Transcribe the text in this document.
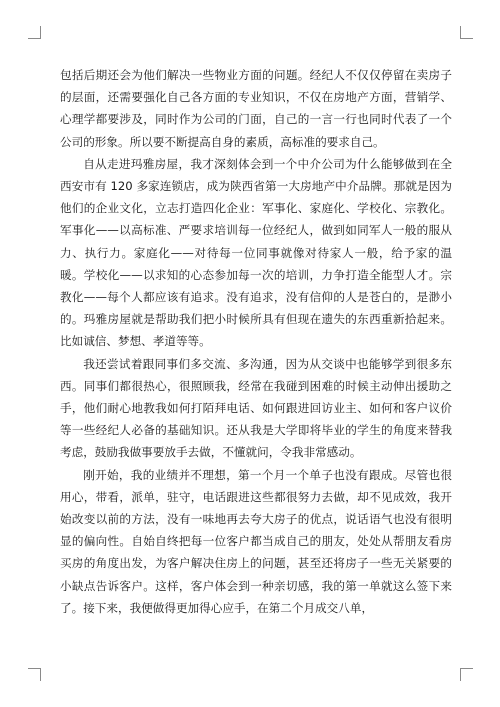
包括后期还会为他们解决一些物业方面的问题。经纪人不仅仅停留在卖房子的层面，还需要强化自己各方面的专业知识，不仅在房地产方面，营销学、心理学都要涉及，同时作为公司的门面，自己的一言一行也同时代表了一个公司的形象。所以要不断提高自身的素质，高标准的要求自己。

自从走进玛雅房屋，我才深刻体会到一个中介公司为什么能够做到在全西安市有 120 多家连锁店，成为陕西省第一大房地产中介品牌。那就是因为他们的企业文化，立志打造四化企业：军事化、家庭化、学校化、宗教化。军事化——以高标准、严要求培训每一位经纪人，做到如同军人一般的服从力、执行力。家庭化——对待每一位同事就像对待家人一般，给予家的温暖。学校化——以求知的心态参加每一次的培训，力争打造全能型人才。宗教化——每个人都应该有追求。没有追求，没有信仰的人是苍白的，是渺小的。玛雅房屋就是帮助我们把小时候所具有但现在遗失的东西重新拾起来。比如诚信、梦想、孝道等等。

我还尝试着跟同事们多交流、多沟通，因为从交谈中也能够学到很多东西。同事们都很热心，很照顾我，经常在我碰到困难的时候主动伸出援助之手，他们耐心地教我如何打陌拜电话、如何跟进回访业主、如何和客户议价等一些经纪人必备的基础知识。还从我是大学即将毕业的学生的角度来替我考虑，鼓励我做事要放手去做，不懂就问，令我非常感动。

刚开始，我的业绩并不理想，第一个月一个单子也没有跟成。尽管也很用心，带看，派单，驻守，电话跟进这些都很努力去做，却不见成效，我开始改变以前的方法，没有一味地再去夸大房子的优点，说话语气也没有很明显的偏向性。自始自终把每一位客户都当成自己的朋友，处处从帮朋友看房买房的角度出发，为客户解决住房上的问题，甚至还将房子一些无关紧要的小缺点告诉客户。这样，客户体会到一种亲切感，我的第一单就这么签下来了。接下来，我便做得更加得心应手，在第二个月成交八单，
